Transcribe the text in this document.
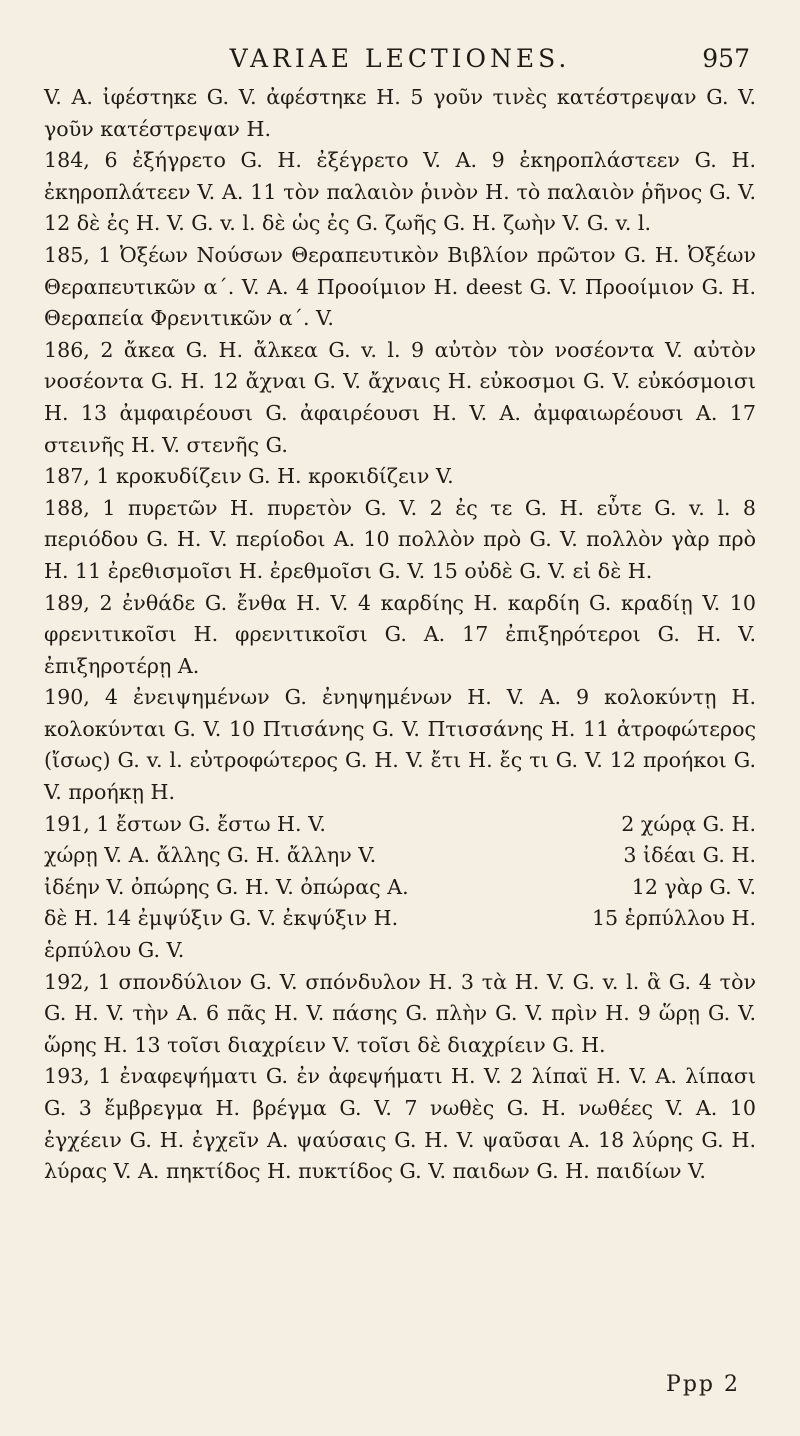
VARIAE LECTIONES.	957

V. A. ἰφέστηκε G. V. ἀφέστηκε H. 5 γοῦν τινὲς κατέστρεψαν G. V. γοῦν κατέστρεψαν H.

184, 6 ἐξήγρετο G. H. ἐξέγρετο V. A. 9 ἐκηροπλάστεεν G. H. ἐκηροπλάτεεν V. A. 11 τὸν παλαιὸν ῥινὸν H. τὸ παλαιὸν ῥῆνος G. V. 12 δὲ ἐς H. V. G. v. l. δὲ ὡς ἐς G. ζωῆς G. H. ζωὴν V. G. v. l.

185, 1 Ὀξέων Νούσων Θεραπευτικὸν Βιβλίον πρῶτον G. H. Ὀξέων Θεραπευτικῶν α΄. V. A. 4 Προοίμιον H. deest G. V. Προοίμιον G. H. Θεραπεία Φρενιτικῶν α΄. V.

186, 2 ἄκεα G. H. ἄλκεα G. v. l. 9 αὐτὸν τὸν νοσέοντα V. αὐτὸν νοσέοντα G. H. 12 ἄχναι G. V. ἄχναις H. εὐκοσμοι G. V. εὐκόσμοισι H. 13 ἀμφαιρέουσι G. ἀφαιρέουσι H. V. A. ἀμφαιωρέουσι A. 17 στεινῆς H. V. στενῆς G.

187, 1 κροκυδίζειν G. H. κροκιδίζειν V.

188, 1 πυρετῶν H. πυρετὸν G. V. 2 ἐς τε G. H. εὖτε G. v. l. 8 περιόδου G. H. V. περίοδοι A. 10 πολλὸν πρὸ G. V. πολλὸν γὰρ πρὸ H. 11 ἐρεθισμοῖσι H. ἐρεθμοῖσι G. V. 15 οὐδὲ G. V. εἰ δὲ H.

189, 2 ἐνθάδε G. ἔνθα H. V. 4 καρδίης H. καρδίη G. κραδίῃ V. 10 φρενιτικοῖσι H. φρενιτικοῖσι G. A. 17 ἐπιξηρότεροι G. H. V. ἐπιξηροτέρῃ A.

190, 4 ἐνειψημένων G. ἐνηψημένων H. V. A. 9 κολοκύντῃ H. κολοκύνται G. V. 10 Πτισάνης G. V. Πτισσάνης H. 11 ἀτροφώτερος (ἴσως) G. v. l. εὐτροφώτερος G. H. V. ἔτι H. ἔς τι G. V. 12 προήκοι G. V. προήκῃ H.

191, 1 ἔστων G. ἔστω H. V.	2 χώρᾳ G. H.
χώρῃ V. A. ἄλλης G. H. ἄλλην V.	3 ἰδέαι G. H.
ἰδέην V. ὀπώρης G. H. V. ὀπώρας A.	12 γὰρ G. V.
δὲ H. 14 ἐμψύξιν G. V. ἐκψύξιν H.	15 ἑρπύλλου H.
ἑρπύλου G. V.

192, 1 σπονδύλιον G. V. σπόνδυλον H. 3 τὰ H. V. G. v. l. ἃ G. 4 τὸν G. H. V. τὴν A. 6 πᾶς H. V. πάσης G. πλὴν G. V. πρὶν H. 9 ὥρῃ G. V. ὥρης H. 13 τοῖσι διαχρίειν V. τοῖσι δὲ διαχρίειν G. H.

193, 1 ἐναφεψήματι G. ἐν ἀφεψήματι H. V. 2 λίπαϊ H. V. A. λίπασι G. 3 ἔμβρεγμα H. βρέγμα G. V. 7 νωθὲς G. H. νωθέες V. A. 10 ἐγχέειν G. H. ἐγχεῖν A. ψαύσαις G. H. V. ψαῦσαι A. 18 λύρης G. H. λύρας V. A. πηκτίδος H. πυκτίδος G. V. παιδων G. H. παιδίων V.

Ppp 2
